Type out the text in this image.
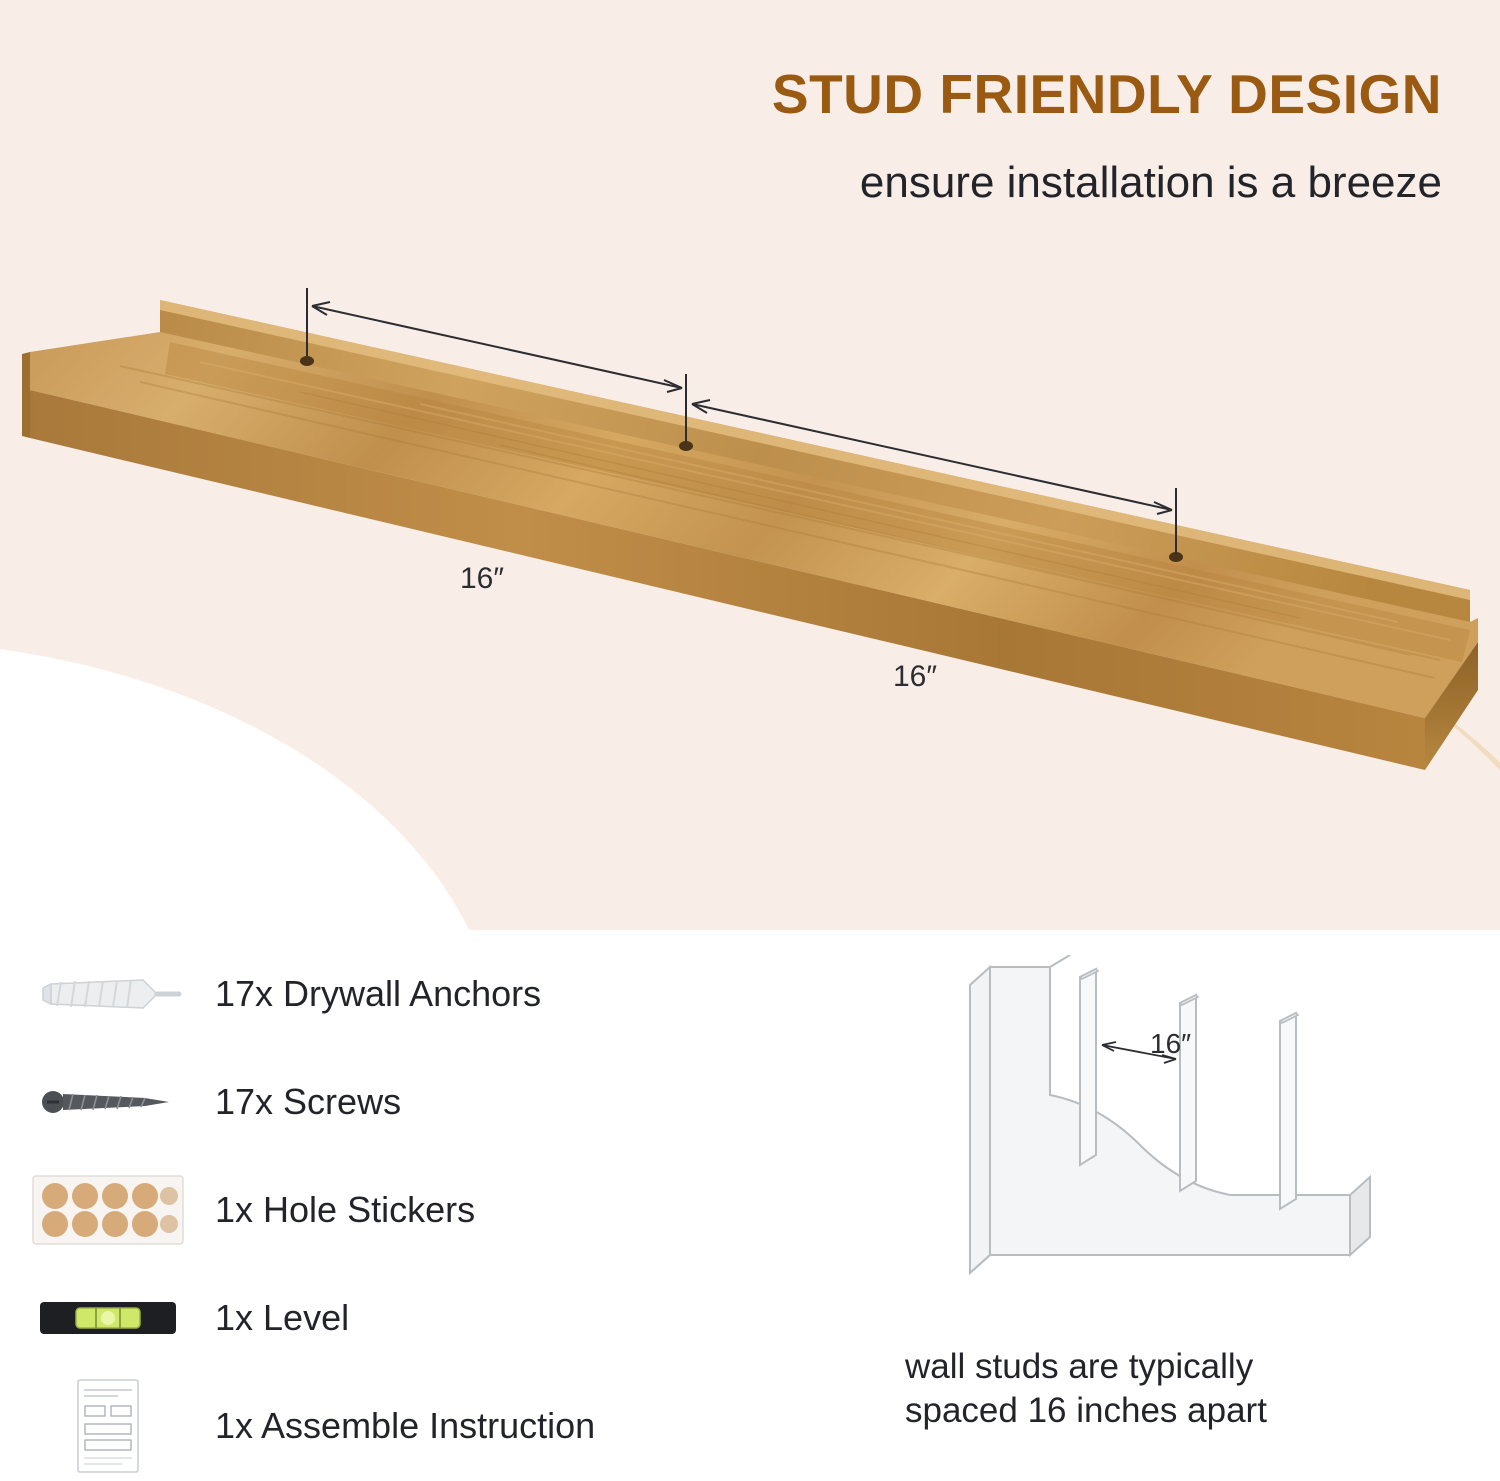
STUD FRIENDLY DESIGN
ensure installation is a breeze
16″
16″
17x Drywall Anchors
17x Screws
1x Hole Stickers
1x Level
1x Assemble Instruction
16″
wall studs are typically
spaced 16 inches apart
